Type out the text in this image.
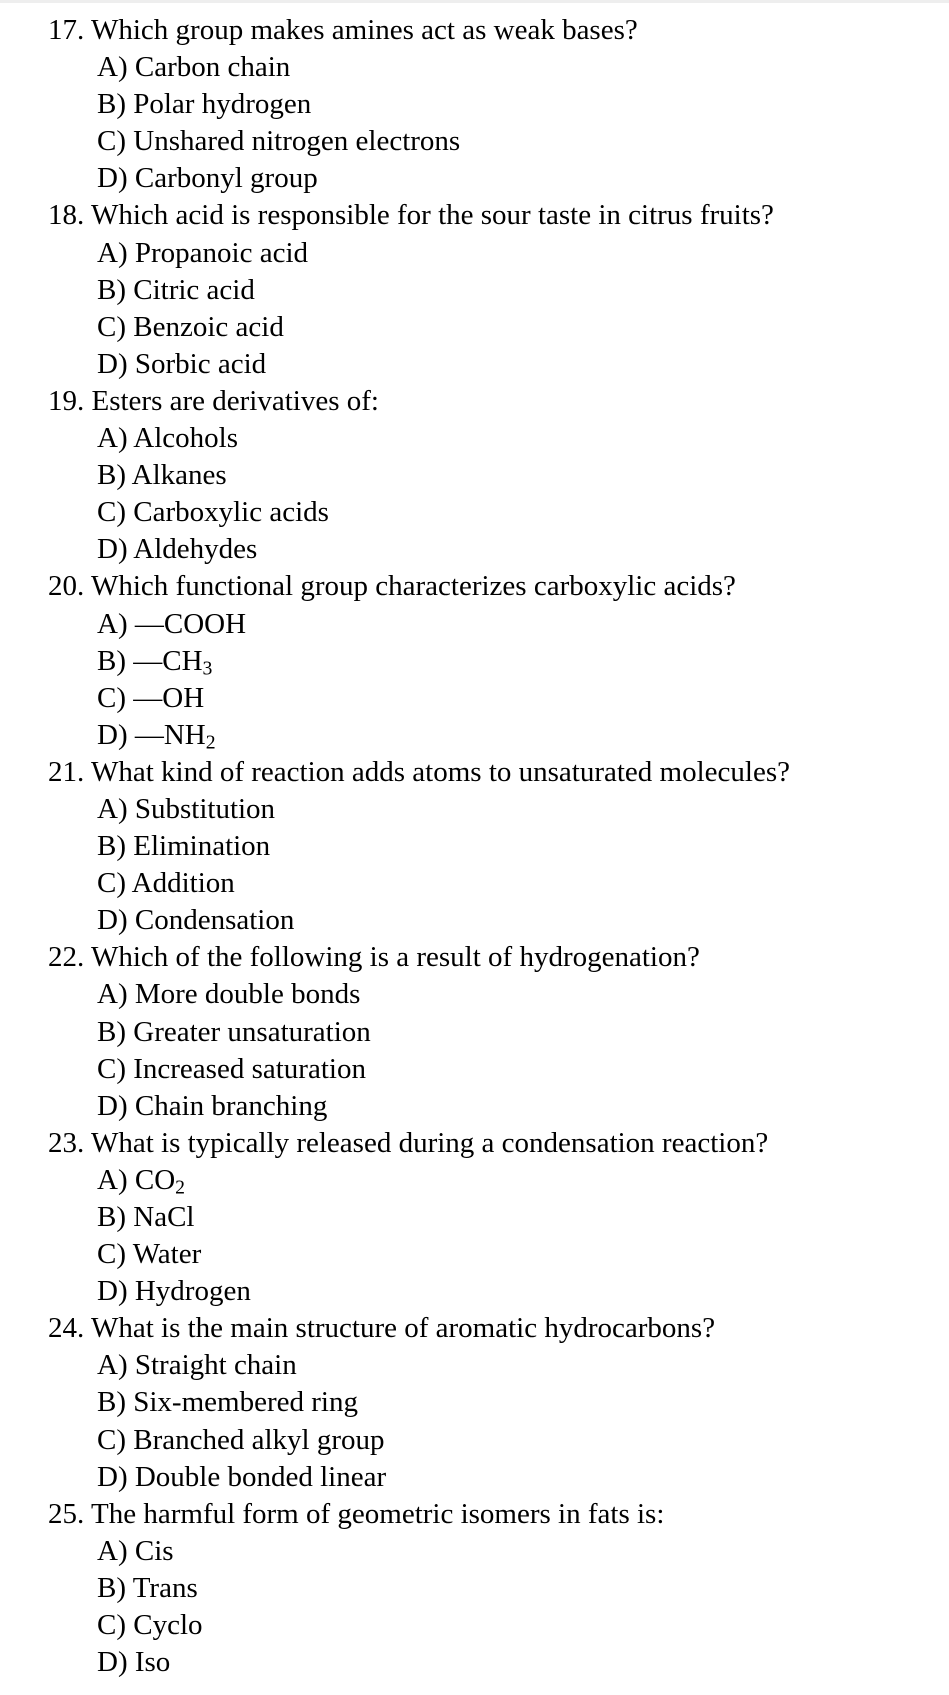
17. Which group makes amines act as weak bases?
A) Carbon chain
B) Polar hydrogen
C) Unshared nitrogen electrons
D) Carbonyl group
18. Which acid is responsible for the sour taste in citrus fruits?
A) Propanoic acid
B) Citric acid
C) Benzoic acid
D) Sorbic acid
19. Esters are derivatives of:
A) Alcohols
B) Alkanes
C) Carboxylic acids
D) Aldehydes
20. Which functional group characterizes carboxylic acids?
A) —COOH
B) $—CH_3$
C) —OH
D) $—NH_2$
21. What kind of reaction adds atoms to unsaturated molecules?
A) Substitution
B) Elimination
C) Addition
D) Condensation
22. Which of the following is a result of hydrogenation?
A) More double bonds
B) Greater unsaturation
C) Increased saturation
D) Chain branching
23. What is typically released during a condensation reaction?
A) $CO_2$
B) NaCl
C) Water
D) Hydrogen
24. What is the main structure of aromatic hydrocarbons?
A) Straight chain
B) Six-membered ring
C) Branched alkyl group
D) Double bonded linear
25. The harmful form of geometric isomers in fats is:
A) Cis
B) Trans
C) Cyclo
D) Iso
